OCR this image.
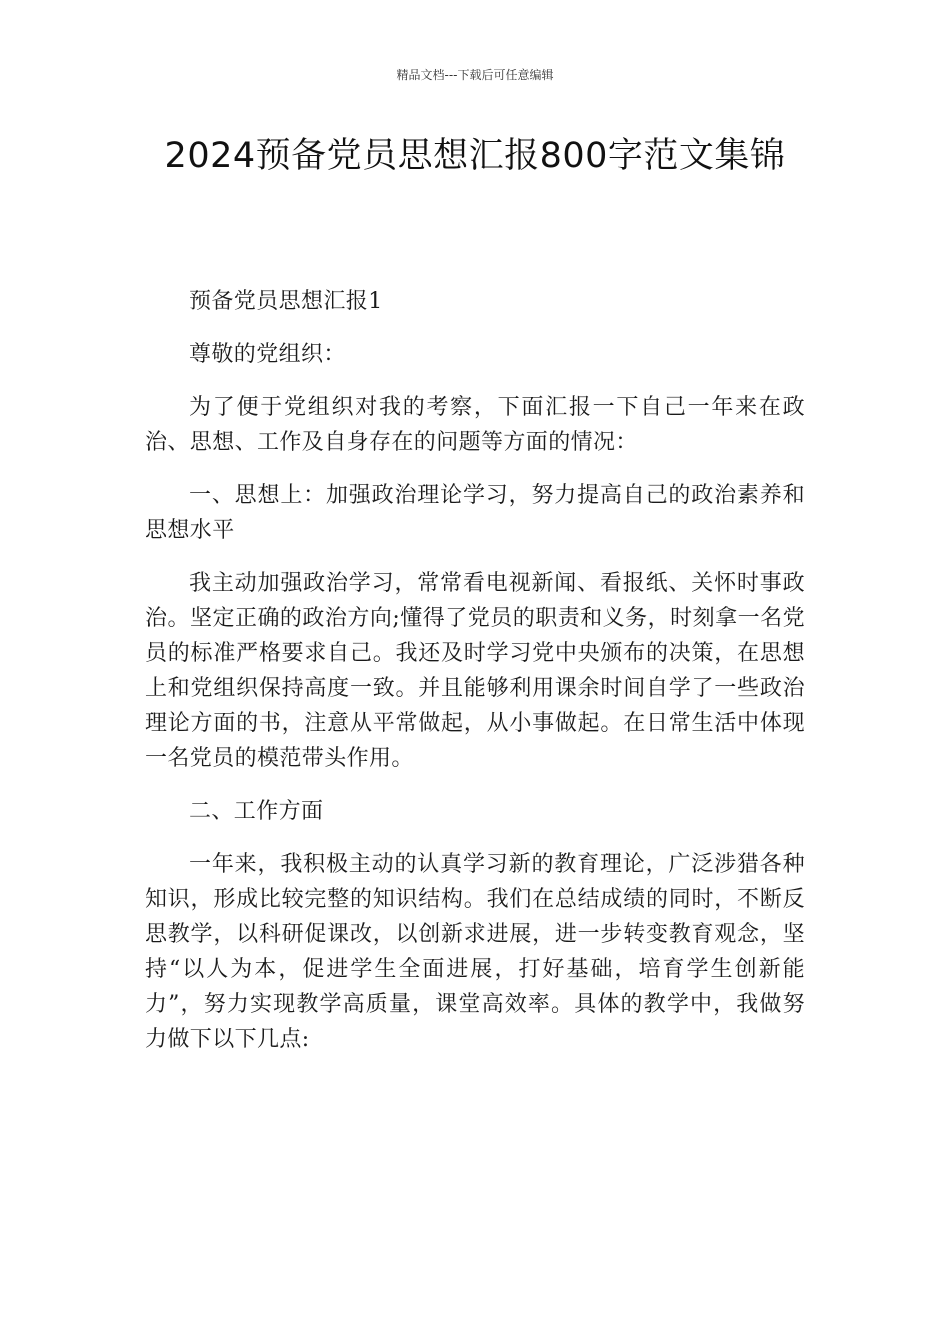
精品文档---下载后可任意编辑
2024预备党员思想汇报800字范文集锦

预备党员思想汇报1

尊敬的党组织：

为了便于党组织对我的考察，下面汇报一下自己一年来在政治、思想、工作及自身存在的问题等方面的情况：

一、思想上：加强政治理论学习，努力提高自己的政治素养和思想水平

我主动加强政治学习，常常看电视新闻、看报纸、关怀时事政治。坚定正确的政治方向;懂得了党员的职责和义务，时刻拿一名党员的标准严格要求自己。我还及时学习党中央颁布的决策，在思想上和党组织保持高度一致。并且能够利用课余时间自学了一些政治理论方面的书，注意从平常做起，从小事做起。在日常生活中体现一名党员的模范带头作用。

二、工作方面

一年来，我积极主动的认真学习新的教育理论，广泛涉猎各种知识，形成比较完整的知识结构。我们在总结成绩的同时，不断反思教学，以科研促课改，以创新求进展，进一步转变教育观念，坚持“以人为本，促进学生全面进展，打好基础，培育学生创新能力”，努力实现教学高质量，课堂高效率。具体的教学中，我做努力做下以下几点:
